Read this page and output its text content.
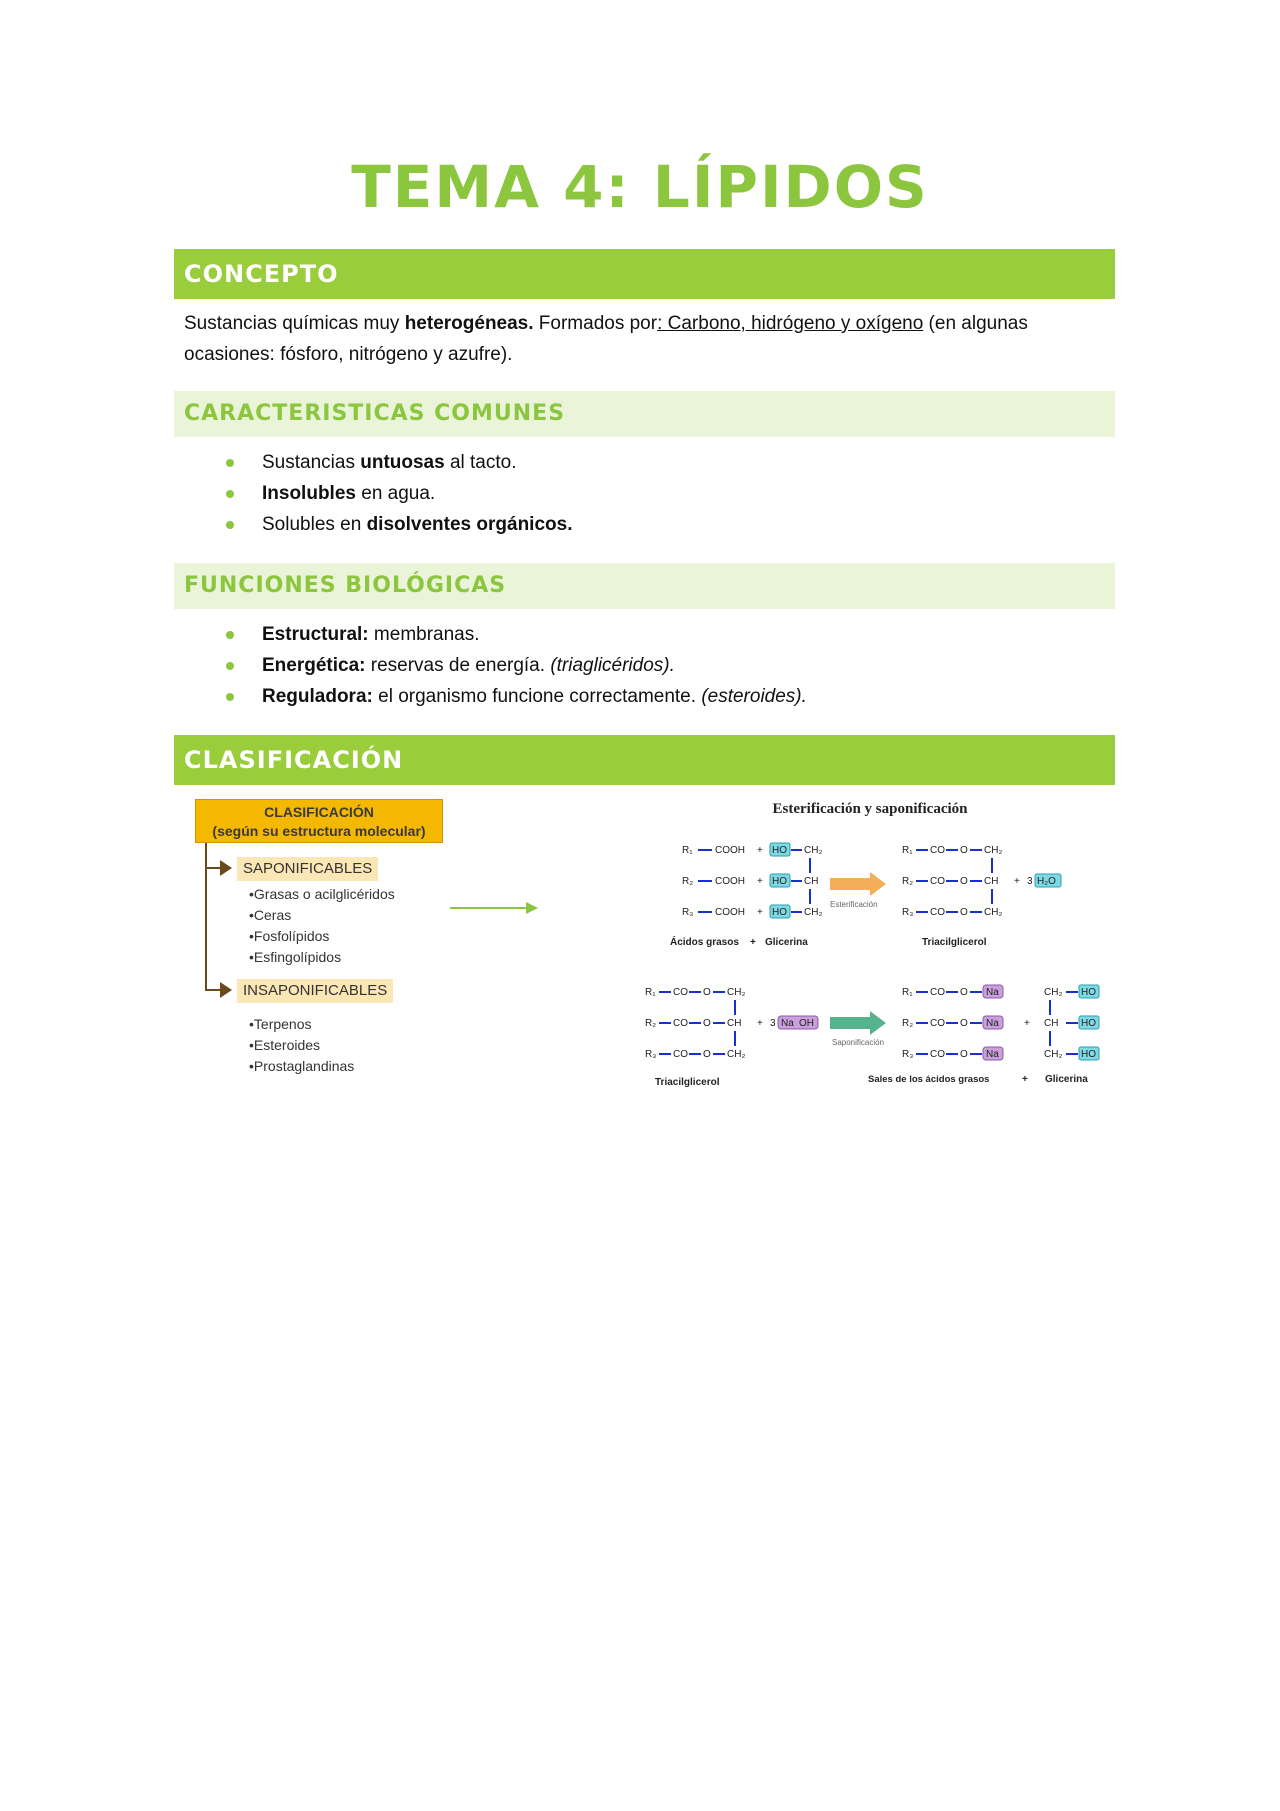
TEMA 4: LÍPIDOS
CONCEPTO
Sustancias químicas muy heterogéneas. Formados por: Carbono, hidrógeno y oxígeno (en algunas ocasiones: fósforo, nitrógeno y azufre).
CARACTERISTICAS COMUNES
Sustancias untuosas al tacto.
Insolubles en agua.
Solubles en disolventes orgánicos.
FUNCIONES BIOLÓGICAS
Estructural: membranas.
Energética: reservas de energía. (triaglicéridos).
Reguladora: el organismo funcione correctamente. (esteroides).
CLASIFICACIÓN
CLASIFICACIÓN
(según su estructura molecular)
SAPONIFICABLES
• Grasas o acilglicéridos
• Ceras
• Fosfolípidos
• Esfingolípidos
INSAPONIFICABLES
• Terpenos
• Esteroides
• Prostaglandinas
Esterificación y saponificación
R₁ COOH + HO CH₂
R₂ COOH + HO CH
R₃ COOH + HO CH₂
Ácidos grasos + Glicerina
Esterificación
R₁ CO O CH₂
R₂ CO O CH + 3 H₂O
R₃ CO O CH₂
Triacilglicerol
R₁ CO O CH₂
R₂ CO O CH + 3 Na OH
R₃ CO O CH₂
Triacilglicerol
Saponificación
R₁ CO O Na
R₂ CO O Na	+
R₃ CO O Na
CH₂ HO
CH HO
CH₂ HO
Sales de los ácidos grasos	+ Glicerina
